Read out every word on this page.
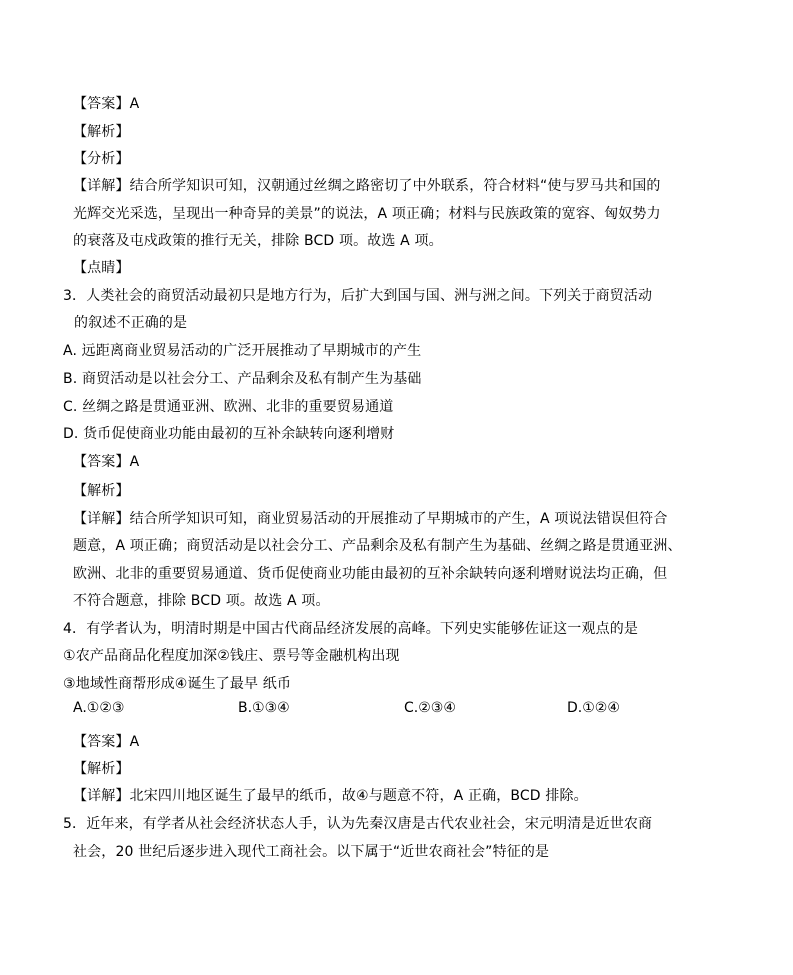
【答案】A
【解析】
【分析】
【详解】结合所学知识可知，汉朝通过丝绸之路密切了中外联系，符合材料“使与罗马共和国的
光辉交光采选，呈现出一种奇异的美景”的说法，A 项正确；材料与民族政策的宽容、匈奴势力
的衰落及屯戍政策的推行无关，排除 BCD 项。故选 A 项。
【点睛】
3．人类社会的商贸活动最初只是地方行为，后扩大到国与国、洲与洲之间。下列关于商贸活动
的叙述不正确的是
A. 远距离商业贸易活动的广泛开展推动了早期城市的产生
B. 商贸活动是以社会分工、产品剩余及私有制产生为基础
C. 丝绸之路是贯通亚洲、欧洲、北非的重要贸易通道
D. 货币促使商业功能由最初的互补余缺转向逐利增财
【答案】A
【解析】
【详解】结合所学知识可知，商业贸易活动的开展推动了早期城市的产生，A 项说法错误但符合
题意，A 项正确；商贸活动是以社会分工、产品剩余及私有制产生为基础、丝绸之路是贯通亚洲、
欧洲、北非的重要贸易通道、货币促使商业功能由最初的互补余缺转向逐利增财说法均正确，但
不符合题意，排除 BCD 项。故选 A 项。
4．有学者认为，明清时期是中国古代商品经济发展的高峰。下列史实能够佐证这一观点的是
①农产品商品化程度加深②钱庄、票号等金融机构出现
③地域性商帮形成④诞生了最早 纸币
A.①②③	B.①③④	C.②③④	D.①②④
【答案】A
【解析】
【详解】北宋四川地区诞生了最早的纸币，故④与题意不符，A 正确，BCD 排除。
5．近年来，有学者从社会经济状态人手，认为先秦汉唐是古代农业社会，宋元明清是近世农商
社会，20 世纪后逐步进入现代工商社会。以下属于“近世农商社会”特征的是
